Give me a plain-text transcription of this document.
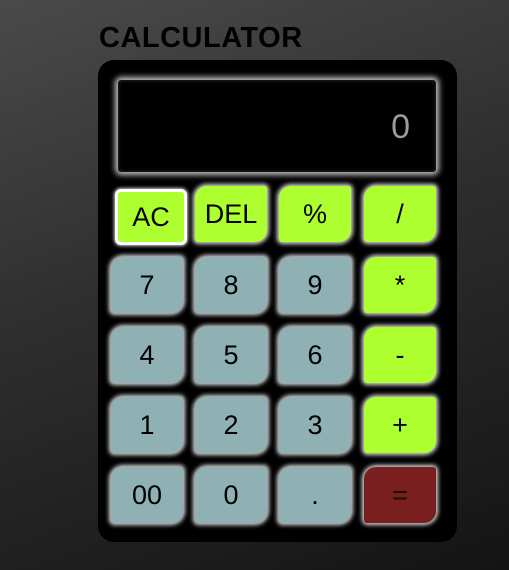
CALCULATOR
0
AC	DEL	%	/
7	8	9	*
4	5	6	-
1	2	3	+
00	0	.	=
